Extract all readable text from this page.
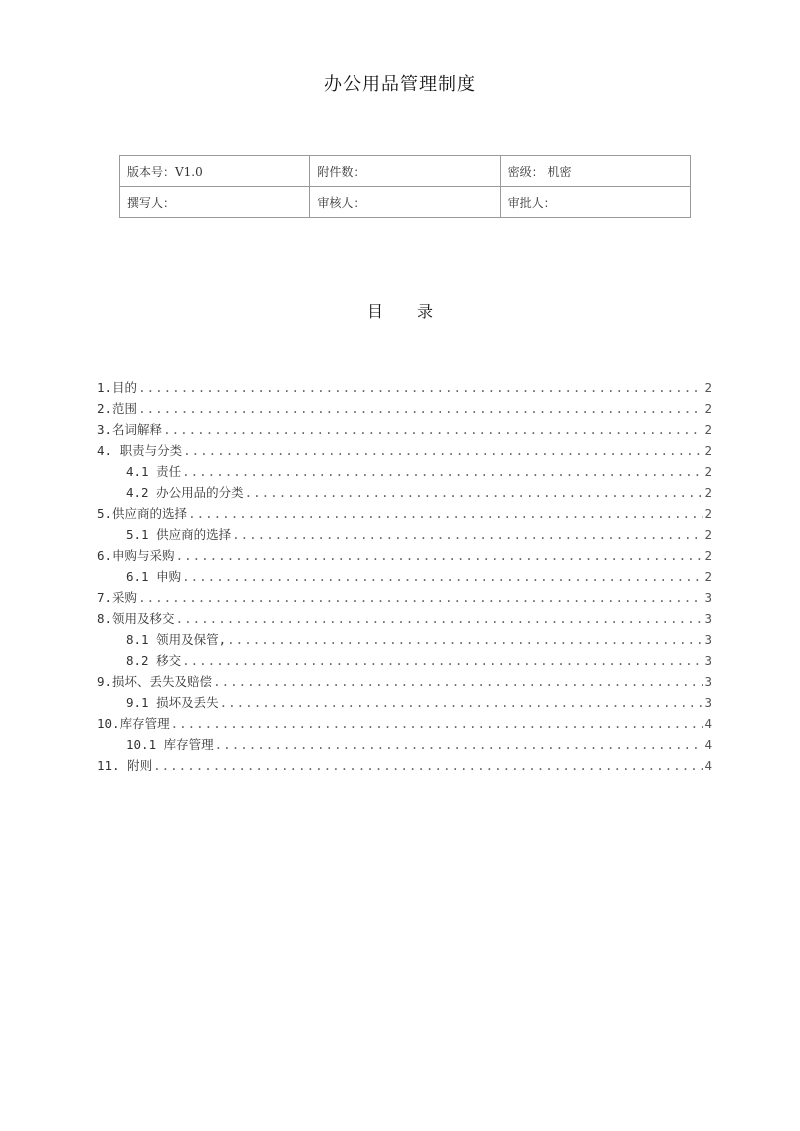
办公用品管理制度
版本号：V1.0	附件数：	密级： 机密
撰写人：	审核人：	审批人：
目 录
1.目的 .....	2
2.范围 .....	2
3.名词解释 .....	2
4. 职责与分类 .....	2
4.1 责任 .....	2
4.2 办公用品的分类 .....	2
5.供应商的选择 .....	2
5.1 供应商的选择 .....	2
6.申购与采购 .....	2
6.1 申购 .....	2
7.采购 .....	3
8.领用及移交 .....	3
8.1 领用及保管, .....	3
8.2 移交 .....	3
9.损坏、丢失及赔偿 .....	3
9.1 损坏及丢失 .....	3
10.库存管理 .....	4
10.1 库存管理 .....	4
11. 附则 .....	4
